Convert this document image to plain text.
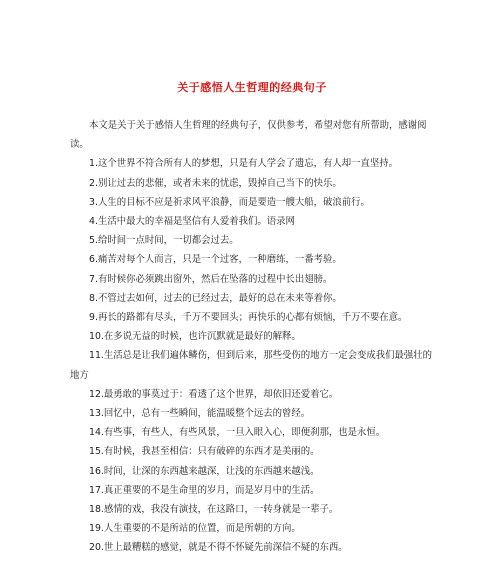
关于感悟人生哲理的经典句子

本文是关于关于感悟人生哲理的经典句子，仅供参考，希望对您有所帮助，感谢阅读。

1.这个世界不符合所有人的梦想，只是有人学会了遗忘，有人却一直坚持。

2.别让过去的悲催，或者未来的忧虑，毁掉自己当下的快乐。

3.人生的目标不应是祈求风平浪静，而是要造一艘大船，破浪前行。

4.生活中最大的幸福是坚信有人爱着我们。语录网

5.给时间一点时间，一切都会过去。

6.痛苦对每个人而言，只是一个过客，一种磨练，一番考验。

7.有时候你必须跳出窗外，然后在坠落的过程中长出翅膀。

8.不管过去如何，过去的已经过去，最好的总在未来等着你。

9.再长的路都有尽头，千万不要回头；再快乐的心都有烦恼，千万不要在意。

10.在多说无益的时候，也许沉默就是最好的解释。

11.生活总是让我们遍体鳞伤，但到后来，那些受伤的地方一定会变成我们最强壮的地方

12.最勇敢的事莫过于：看透了这个世界，却依旧还爱着它。

13.回忆中，总有一些瞬间，能温暖整个远去的曾经。

14.有些事，有些人，有些风景，一旦入眼入心，即便刹那，也是永恒。

15.有时候，我甚至相信：只有破碎的东西才是美丽的。

16.时间，让深的东西越来越深，让浅的东西越来越浅。

17.真正重要的不是生命里的岁月，而是岁月中的生活。

18.感情的戏，我没有演技，在这路口，一转身就是一辈子。

19.人生重要的不是所站的位置，而是所朝的方向。

20.世上最糟糕的感觉，就是不得不怀疑先前深信不疑的东西。
